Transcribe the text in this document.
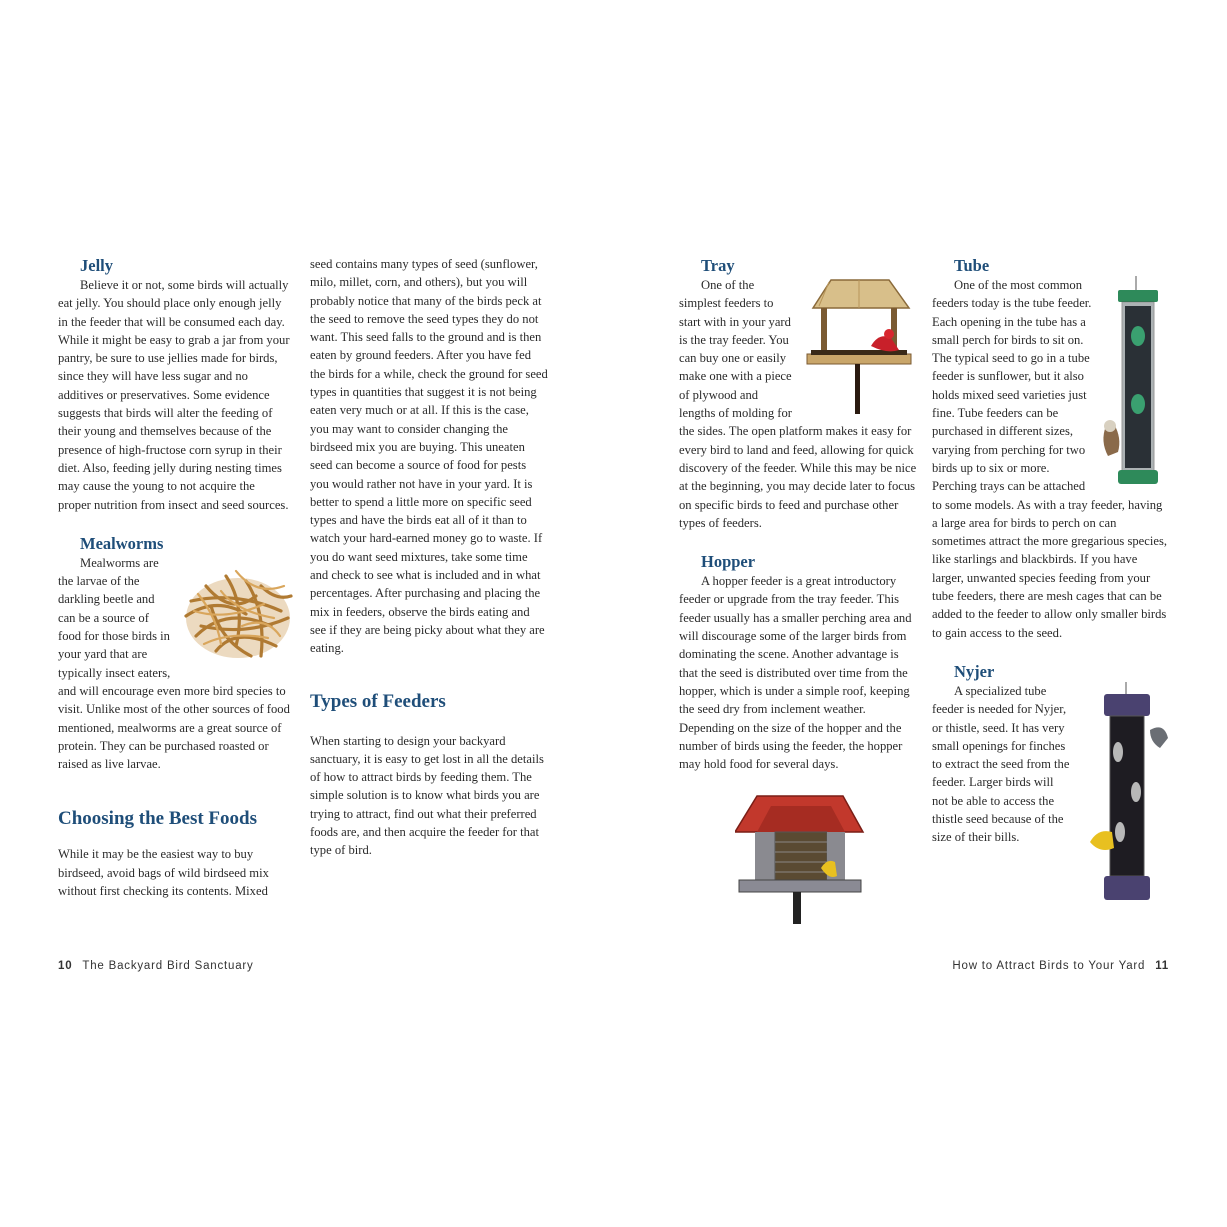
Jelly

Believe it or not, some birds will actually eat jelly. You should place only enough jelly in the feeder that will be consumed each day. While it might be easy to grab a jar from your pantry, be sure to use jellies made for birds, since they will have less sugar and no additives or preservatives. Some evidence suggests that birds will alter the feeding of their young and themselves because of the presence of high-fructose corn syrup in their diet. Also, feeding jelly during nesting times may cause the young to not acquire the proper nutrition from insect and seed sources.

Mealworms

Mealworms are the larvae of the darkling beetle and can be a source of food for those birds in your yard that are typically insect eaters, and will encourage even more bird species to visit. Unlike most of the other sources of food mentioned, mealworms are a great source of protein. They can be purchased roasted or raised as live larvae.

Choosing the Best Foods

While it may be the easiest way to buy birdseed, avoid bags of wild birdseed mix without first checking its contents. Mixed

seed contains many types of seed (sunflower, milo, millet, corn, and others), but you will probably notice that many of the birds peck at the seed to remove the seed types they do not want. This seed falls to the ground and is then eaten by ground feeders. After you have fed the birds for a while, check the ground for seed types in quantities that suggest it is not being eaten very much or at all. If this is the case, you may want to consider changing the birdseed mix you are buying. This uneaten seed can become a source of food for pests you would rather not have in your yard. It is better to spend a little more on specific seed types and have the birds eat all of it than to watch your hard-earned money go to waste. If you do want seed mixtures, take some time and check to see what is included and in what percentages. After purchasing and placing the mix in feeders, observe the birds eating and see if they are being picky about what they are eating.

Types of Feeders

When starting to design your backyard sanctuary, it is easy to get lost in all the details of how to attract birds by feeding them. The simple solution is to know what birds you are trying to attract, find out what their preferred foods are, and then acquire the feeder for that type of bird.

Tray

One of the simplest feeders to start with in your yard is the tray feeder. You can buy one or easily make one with a piece of plywood and lengths of molding for the sides. The open platform makes it easy for every bird to land and feed, allowing for quick discovery of the feeder. While this may be nice at the beginning, you may decide later to focus on specific birds to feed and purchase other types of feeders.

Hopper

A hopper feeder is a great introductory feeder or upgrade from the tray feeder. This feeder usually has a smaller perching area and will discourage some of the larger birds from dominating the scene. Another advantage is that the seed is distributed over time from the hopper, which is under a simple roof, keeping the seed dry from inclement weather. Depending on the size of the hopper and the number of birds using the feeder, the hopper may hold food for several days.

Tube

One of the most common feeders today is the tube feeder. Each opening in the tube has a small perch for birds to sit on. The typical seed to go in a tube feeder is sunflower, but it also holds mixed seed varieties just fine. Tube feeders can be purchased in different sizes, varying from perching for two birds up to six or more. Perching trays can be attached to some models. As with a tray feeder, having a large area for birds to perch on can sometimes attract the more gregarious species, like starlings and blackbirds. If you have larger, unwanted species feeding from your tube feeders, there are mesh cages that can be added to the feeder to allow only smaller birds to gain access to the seed.

Nyjer

A specialized tube feeder is needed for Nyjer, or thistle, seed. It has very small openings for finches to extract the seed from the feeder. Larger birds will not be able to access the thistle seed because of the size of their bills.

10 The Backyard Bird Sanctuary	How to Attract Birds to Your Yard 11
